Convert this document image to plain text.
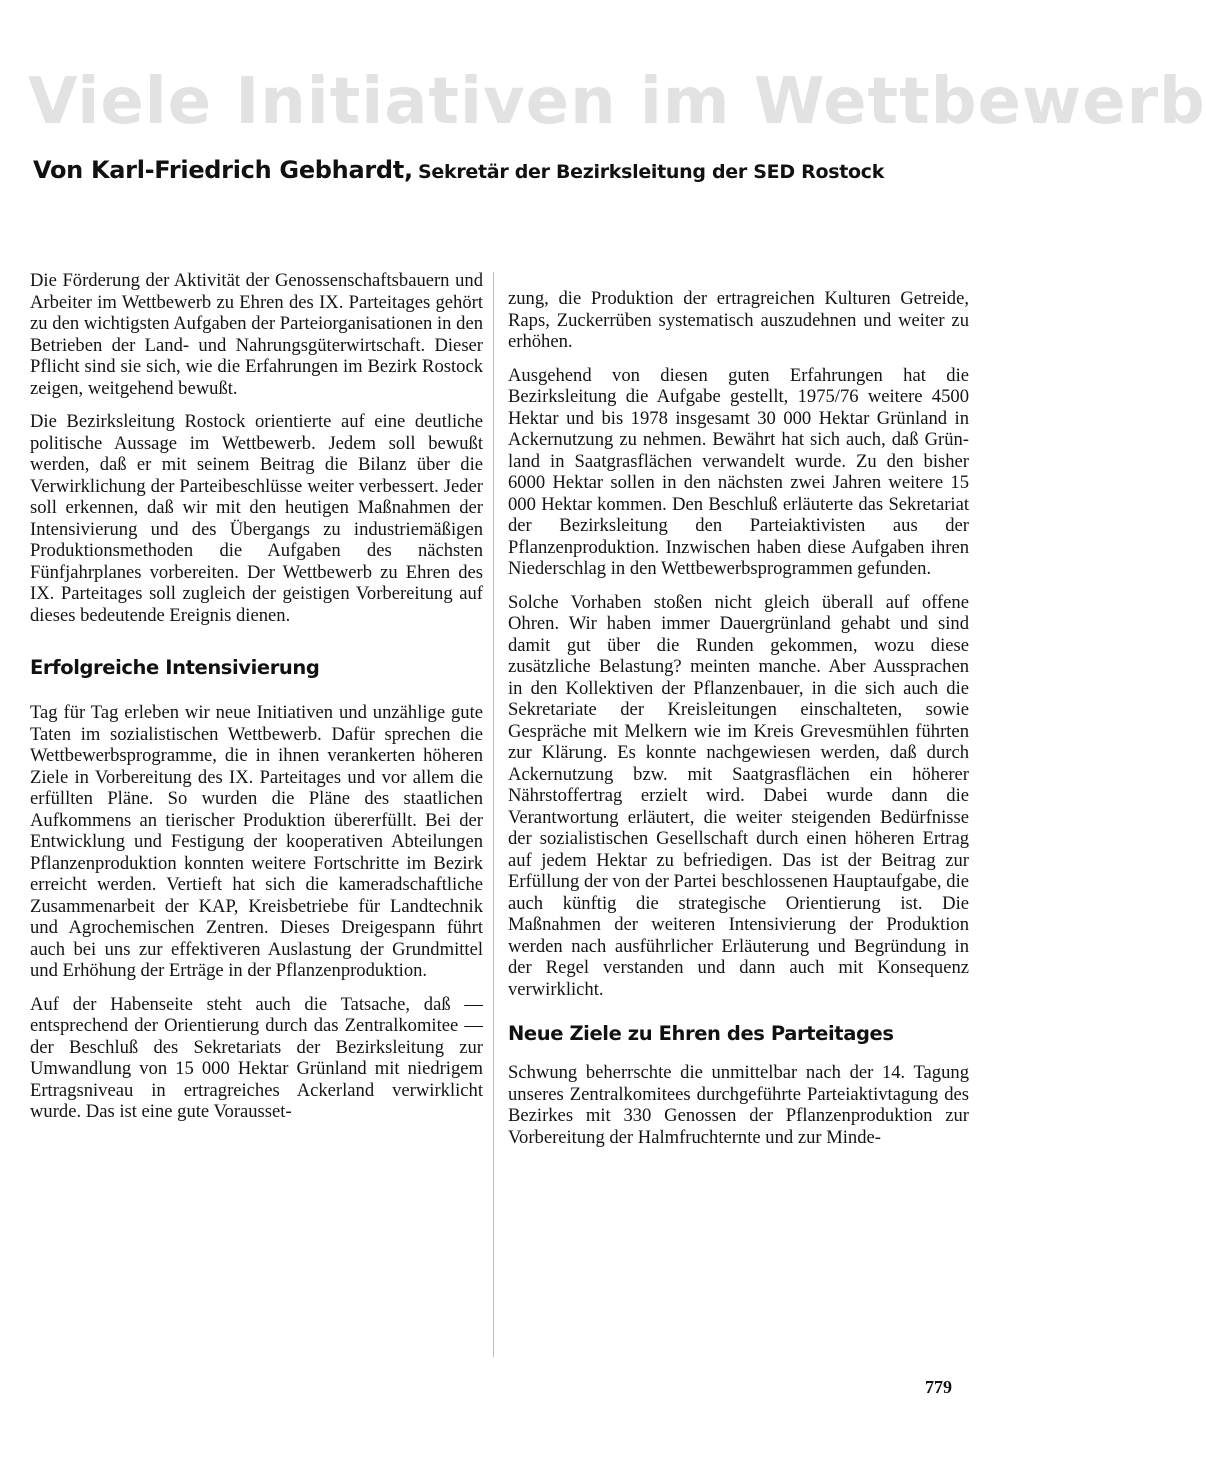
Viele Initiativen im Wettbewerb
Von Karl-Friedrich Gebhardt, Sekretär der Bezirksleitung der SED Rostock

Die Förderung der Aktivität der Genossenschaftsbauern und Arbeiter im Wettbewerb zu Ehren des IX. Parteitages gehört zu den wichtigsten Aufgaben der Parteiorganisationen in den Betrieben der Land- und Nahrungsgüterwirtschaft. Dieser Pflicht sind sie sich, wie die Erfahrungen im Bezirk Rostock zeigen, weitgehend bewußt.

Die Bezirksleitung Rostock orientierte auf eine deutliche politische Aussage im Wettbewerb. Jedem soll bewußt werden, daß er mit seinem Beitrag die Bilanz über die Verwirklichung der Parteibeschlüsse weiter verbessert. Jeder soll erkennen, daß wir mit den heutigen Maßnahmen der Intensivierung und des Übergangs zu industriemäßigen Produktionsmethoden die Aufgaben des nächsten Fünfjahrplanes vorbereiten. Der Wettbewerb zu Ehren des IX. Parteitages soll zugleich der geistigen Vorbereitung auf dieses bedeutende Ereignis dienen.

Erfolgreiche Intensivierung

Tag für Tag erleben wir neue Initiativen und unzählige gute Taten im sozialistischen Wettbewerb. Dafür sprechen die Wettbewerbsprogramme, die in ihnen verankerten höheren Ziele in Vorbereitung des IX. Parteitages und vor allem die erfüllten Pläne. So wurden die Pläne des staatlichen Aufkommens an tierischer Produktion übererfüllt. Bei der Entwicklung und Festigung der kooperativen Abteilungen Pflanzenproduktion konnten weitere Fortschritte im Bezirk erreicht werden. Vertieft hat sich die kameradschaftliche Zusammenarbeit der KAP, Kreisbetriebe für Landtechnik und Agrochemischen Zentren. Dieses Dreigespann führt auch bei uns zur effektiveren Auslastung der Grundmittel und Erhöhung der Erträge in der Pflanzenproduktion.

Auf der Habenseite steht auch die Tatsache, daß — entsprechend der Orientierung durch das Zentralkomitee — der Beschluß des Sekretariats der Bezirksleitung zur Umwandlung von 15 000 Hektar Grünland mit niedrigem Ertragsniveau in ertragreiches Ackerland verwirklicht wurde. Das ist eine gute Vorausset-

zung, die Produktion der ertragreichen Kulturen Getreide, Raps, Zuckerrüben systematisch auszudehnen und weiter zu erhöhen.

Ausgehend von diesen guten Erfahrungen hat die Bezirksleitung die Aufgabe gestellt, 1975/76 weitere 4500 Hektar und bis 1978 insgesamt 30 000 Hektar Grünland in Ackernutzung zu nehmen. Bewährt hat sich auch, daß Grünland in Saatgrasflächen verwandelt wurde. Zu den bisher 6000 Hektar sollen in den nächsten zwei Jahren weitere 15 000 Hektar kommen. Den Beschluß erläuterte das Sekretariat der Bezirksleitung den Parteiaktivisten aus der Pflanzenproduktion. Inzwischen haben diese Aufgaben ihren Niederschlag in den Wettbewerbsprogrammen gefunden.

Solche Vorhaben stoßen nicht gleich überall auf offene Ohren. Wir haben immer Dauergrünland gehabt und sind damit gut über die Runden gekommen, wozu diese zusätzliche Belastung? meinten manche. Aber Aussprachen in den Kollektiven der Pflanzenbauer, in die sich auch die Sekretariate der Kreisleitungen einschalteten, sowie Gespräche mit Melkern wie im Kreis Grevesmühlen führten zur Klärung. Es konnte nachgewiesen werden, daß durch Ackernutzung bzw. mit Saatgrasflächen ein höherer Nährstoffertrag erzielt wird. Dabei wurde dann die Verantwortung erläutert, die weiter steigenden Bedürfnisse der sozialistischen Gesellschaft durch einen höheren Ertrag auf jedem Hektar zu befriedigen. Das ist der Beitrag zur Erfüllung der von der Partei beschlossenen Hauptaufgabe, die auch künftig die strategische Orientierung ist. Die Maßnahmen der weiteren Intensivierung der Produktion werden nach ausführlicher Erläuterung und Begründung in der Regel verstanden und dann auch mit Konsequenz verwirklicht.

Neue Ziele zu Ehren des Parteitages

Schwung beherrschte die unmittelbar nach der 14. Tagung unseres Zentralkomitees durchgeführte Parteiaktivtagung des Bezirkes mit 330 Genossen der Pflanzenproduktion zur Vorbereitung der Halmfruchternte und zur Minde-

779
